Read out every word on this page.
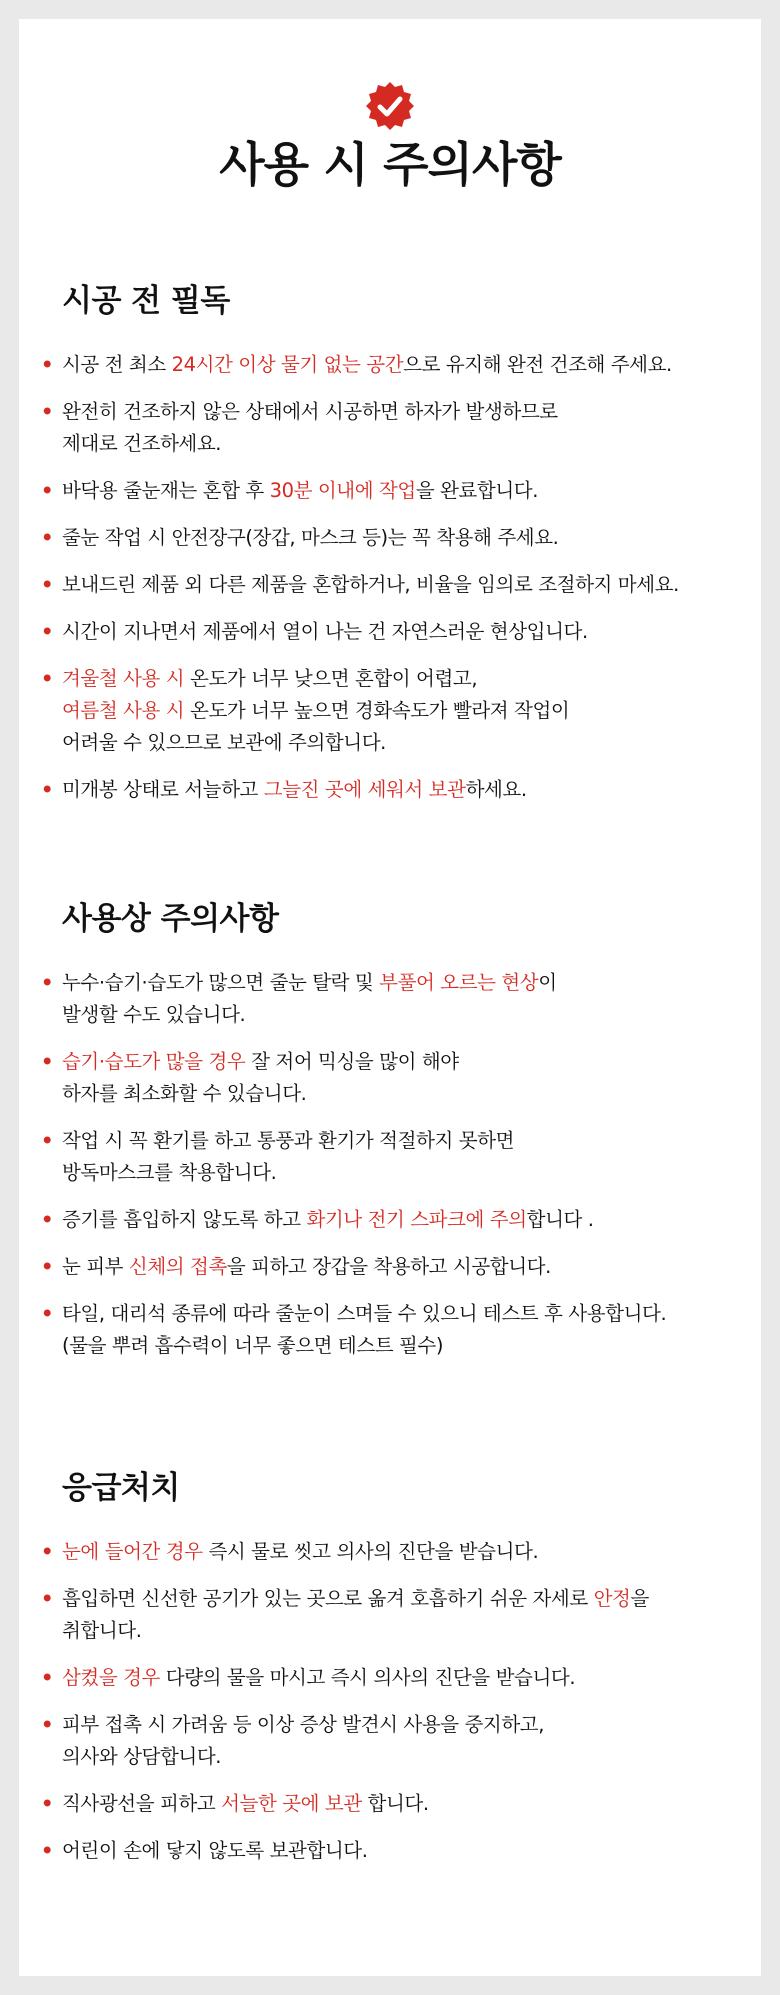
사용 시 주의사항
시공 전 필독
• 시공 전 최소 24시간 이상 물기 없는 공간으로 유지해 완전 건조해 주세요.
• 완전히 건조하지 않은 상태에서 시공하면 하자가 발생하므로
제대로 건조하세요.
• 바닥용 줄눈재는 혼합 후 30분 이내에 작업을 완료합니다.
• 줄눈 작업 시 안전장구(장갑, 마스크 등)는 꼭 착용해 주세요.
• 보내드린 제품 외 다른 제품을 혼합하거나, 비율을 임의로 조절하지 마세요.
• 시간이 지나면서 제품에서 열이 나는 건 자연스러운 현상입니다.
• 겨울철 사용 시 온도가 너무 낮으면 혼합이 어렵고,
여름철 사용 시 온도가 너무 높으면 경화속도가 빨라져 작업이
어려울 수 있으므로 보관에 주의합니다.
• 미개봉 상태로 서늘하고 그늘진 곳에 세워서 보관하세요.
사용상 주의사항
• 누수·습기·습도가 많으면 줄눈 탈락 및 부풀어 오르는 현상이
발생할 수도 있습니다.
• 습기·습도가 많을 경우 잘 저어 믹싱을 많이 해야
하자를 최소화할 수 있습니다.
• 작업 시 꼭 환기를 하고 통풍과 환기가 적절하지 못하면
방독마스크를 착용합니다.
• 증기를 흡입하지 않도록 하고 화기나 전기 스파크에 주의합니다 .
• 눈 피부 신체의 접촉을 피하고 장갑을 착용하고 시공합니다.
• 타일, 대리석 종류에 따라 줄눈이 스며들 수 있으니 테스트 후 사용합니다.
(물을 뿌려 흡수력이 너무 좋으면 테스트 필수)
응급처치
• 눈에 들어간 경우 즉시 물로 씻고 의사의 진단을 받습니다.
• 흡입하면 신선한 공기가 있는 곳으로 옮겨 호흡하기 쉬운 자세로 안정을
취합니다.
• 삼켰을 경우 다량의 물을 마시고 즉시 의사의 진단을 받습니다.
• 피부 접촉 시 가려움 등 이상 증상 발견시 사용을 중지하고,
의사와 상담합니다.
• 직사광선을 피하고 서늘한 곳에 보관 합니다.
• 어린이 손에 닿지 않도록 보관합니다.
